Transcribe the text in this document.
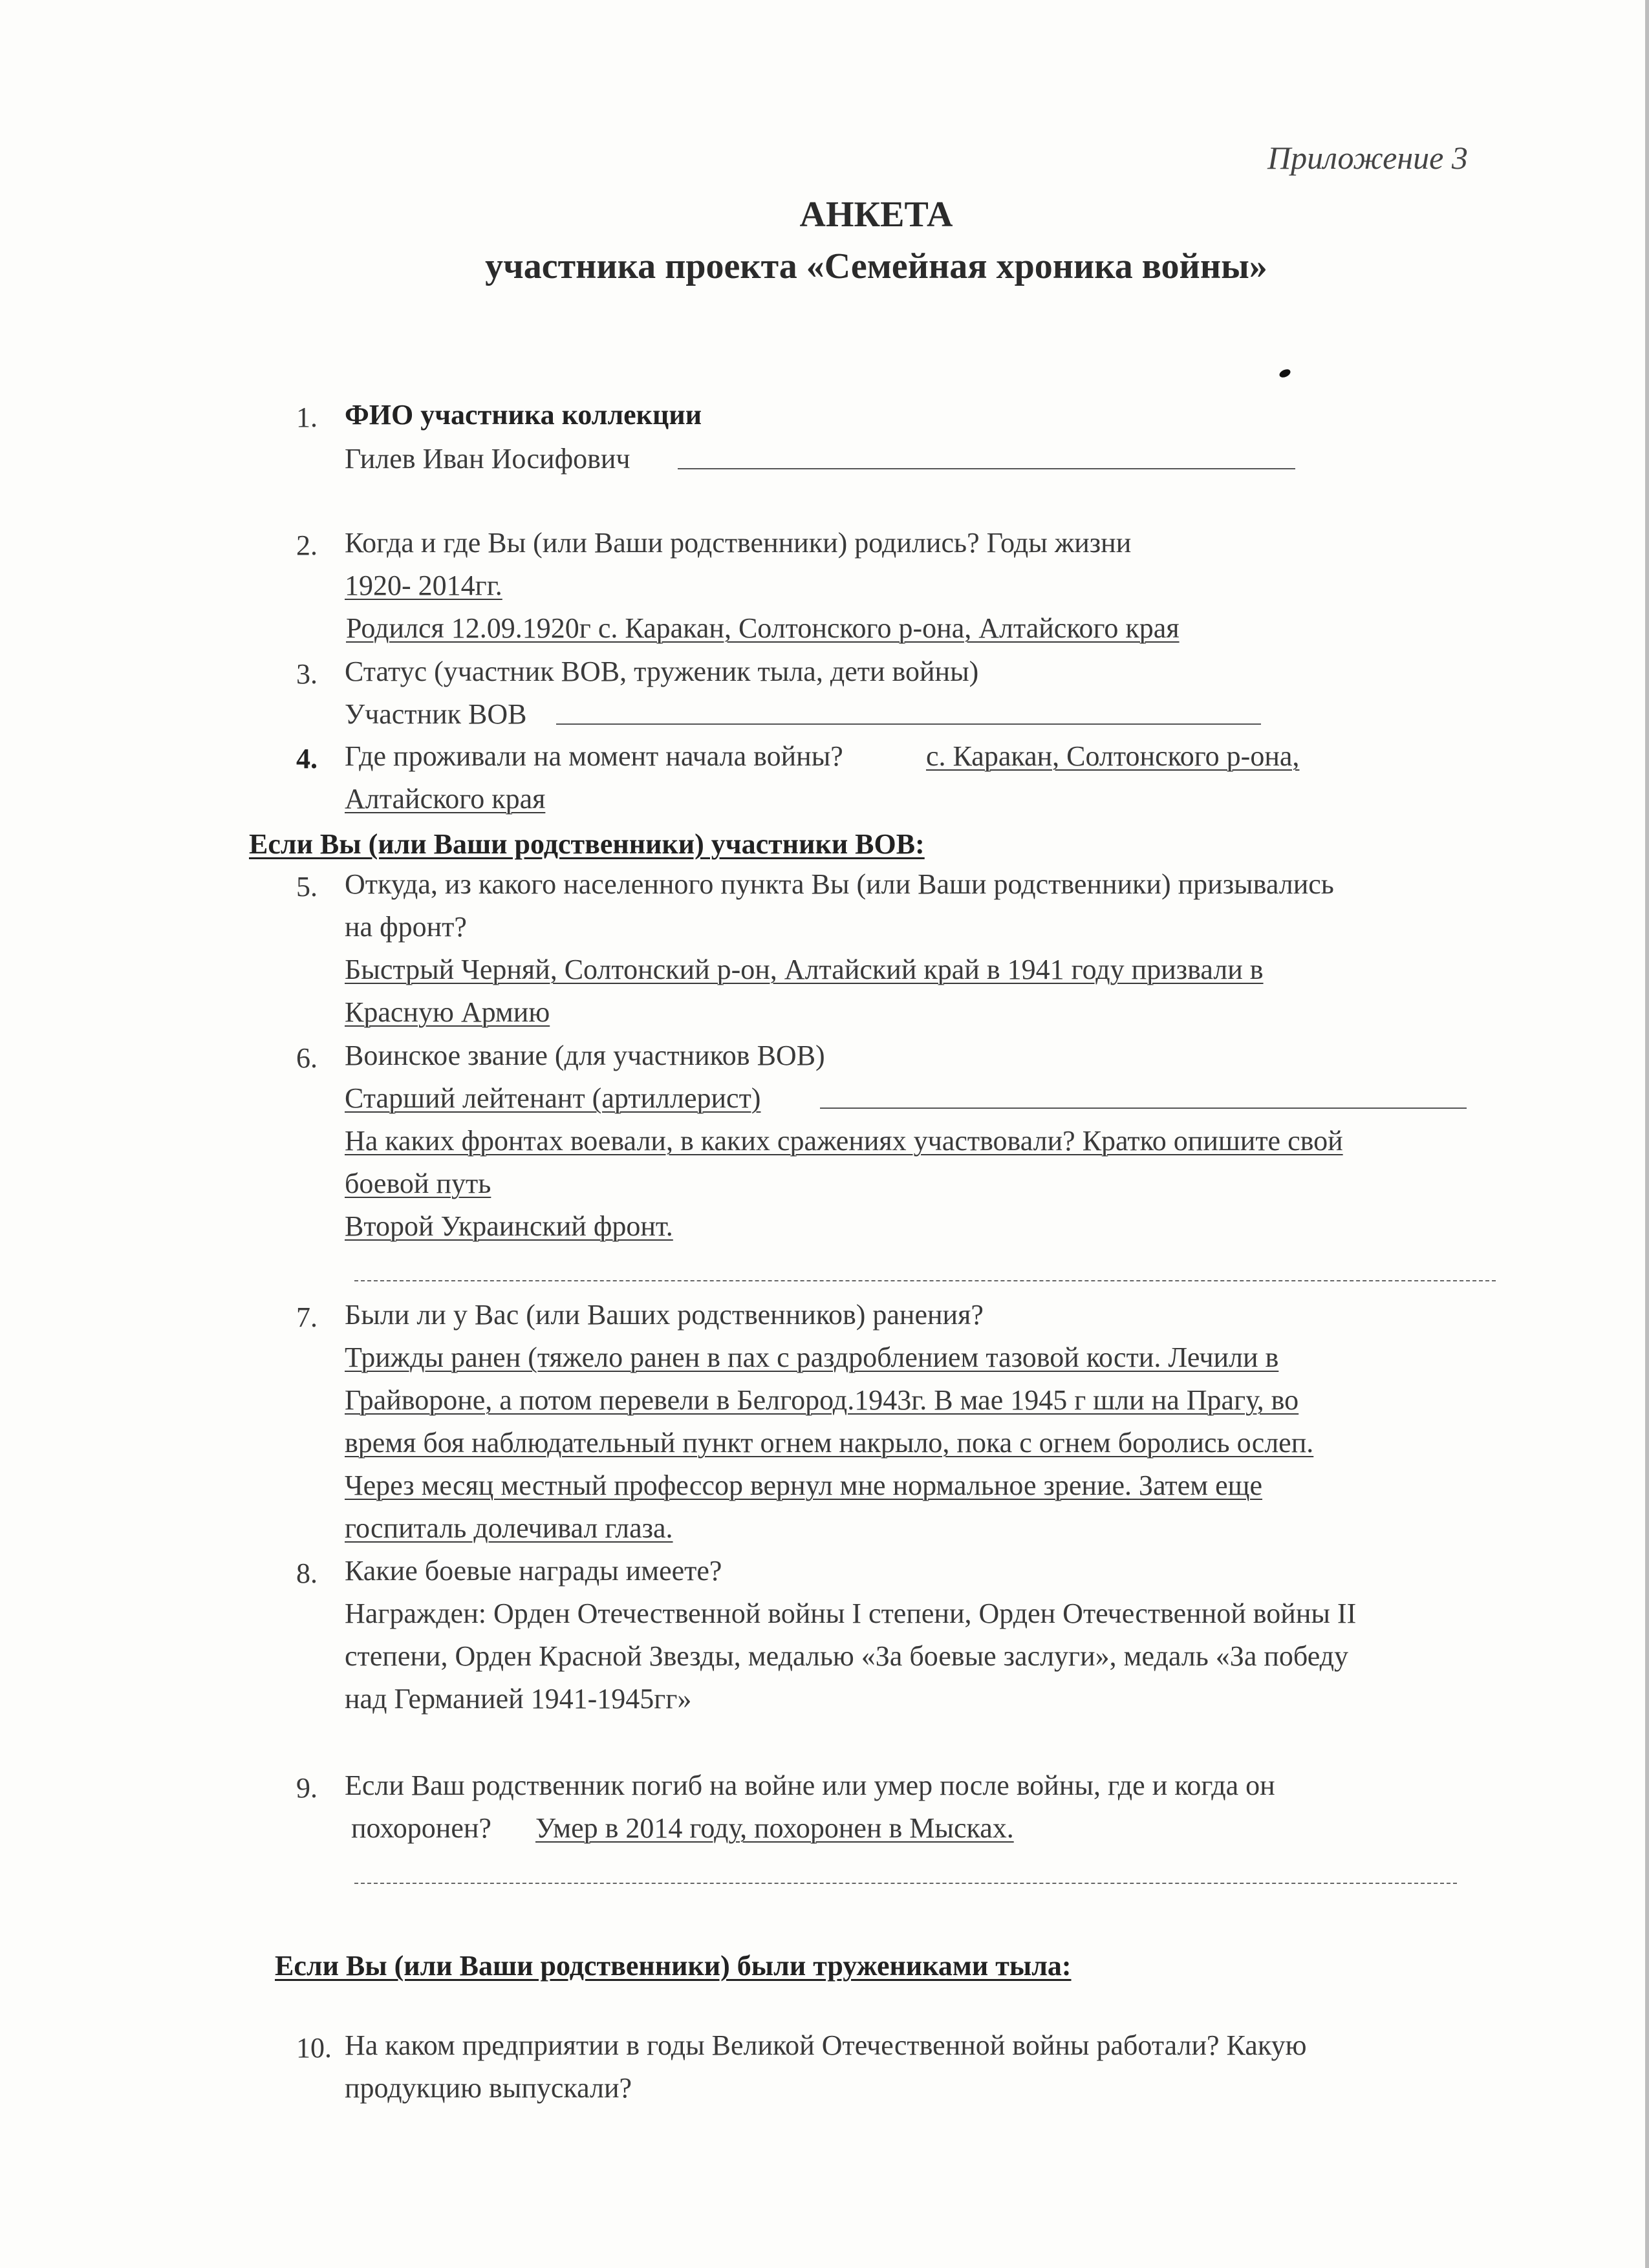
Приложение 3
АНКЕТА
участника проекта «Семейная хроника войны»
1. ФИО участника коллекции
Гилев Иван Иосифович
2. Когда и где Вы (или Ваши родственники) родились? Годы жизни
1920- 2014гг.
Родился 12.09.1920г с. Каракан, Солтонского р-она, Алтайского края
3. Статус (участник ВОВ, труженик тыла, дети войны)
Участник ВОВ
4. Где проживали на момент начала войны?	с. Каракан, Солтонского р-она,
Алтайского края
Если Вы (или Ваши родственники) участники ВОВ:
5. Откуда, из какого населенного пункта Вы (или Ваши родственники) призывались
на фронт?
Быстрый Черняй, Солтонский р-он, Алтайский край в 1941 году призвали в
Красную Армию
6. Воинское звание (для участников ВОВ)
Старший лейтенант (артиллерист)
На каких фронтах воевали, в каких сражениях участвовали? Кратко опишите свой
боевой путь
Второй Украинский фронт.
7. Были ли у Вас (или Ваших родственников) ранения?
Трижды ранен (тяжело ранен в пах с раздроблением тазовой кости. Лечили в
Грайвороне, а потом перевели в Белгород.1943г. В мае 1945 г шли на Прагу, во
время боя наблюдательный пункт огнем накрыло, пока с огнем боролись ослеп.
Через месяц местный профессор вернул мне нормальное зрение. Затем еще
госпиталь долечивал глаза.
8. Какие боевые награды имеете?
Награжден: Орден Отечественной войны I степени, Орден Отечественной войны II
степени, Орден Красной Звезды, медалью «За боевые заслуги», медаль «За победу
над Германией 1941-1945гг»
9. Если Ваш родственник погиб на войне или умер после войны, где и когда он
похоронен? Умер в 2014 году, похоронен в Мысках.
Если Вы (или Ваши родственники) были тружениками тыла:
10. На каком предприятии в годы Великой Отечественной войны работали? Какую
продукцию выпускали?
